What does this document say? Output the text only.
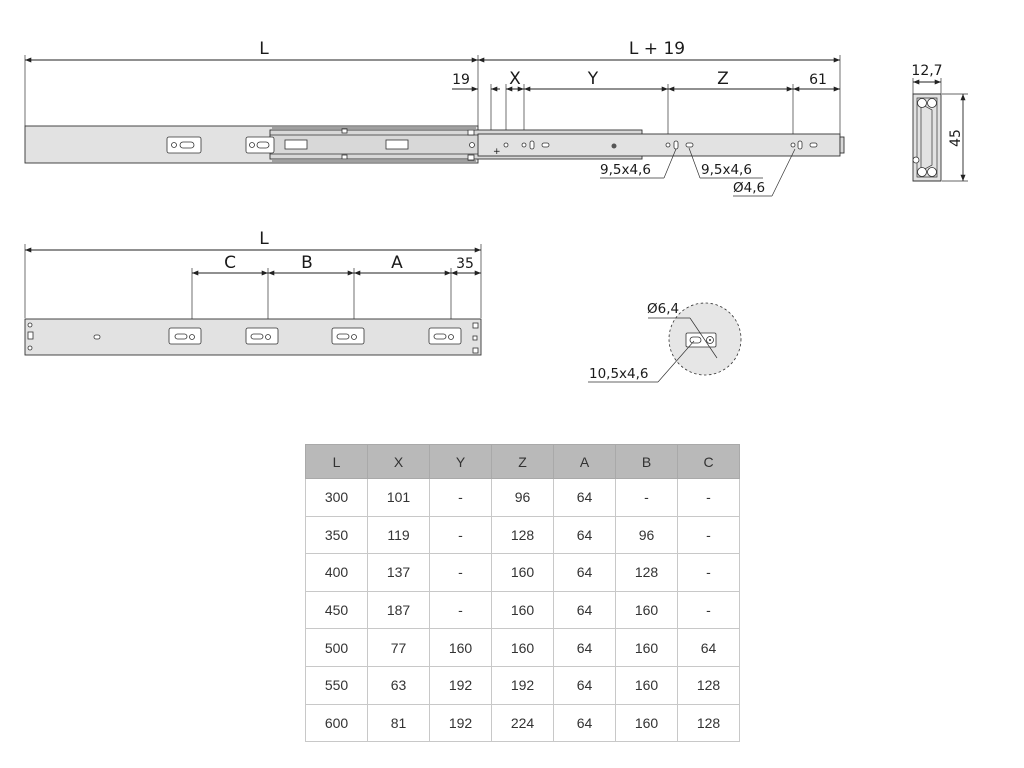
L	L + 19
19 X	Y	Z	61
+
9,5x4,6	9,5x4,6
Ø4,6
12,7
45
L
C	B	A	35
Ø6,4
10,5x4,6
L	X	Y	Z	A	B	C
300	101	-	96	64	-	-
350	119	-	128	64	96	-
400	137	-	160	64	128	-
450	187	-	160	64	160	-
500	77	160	160	64	160	64
550	63	192	192	64	160	128
600	81	192	224	64	160	128
